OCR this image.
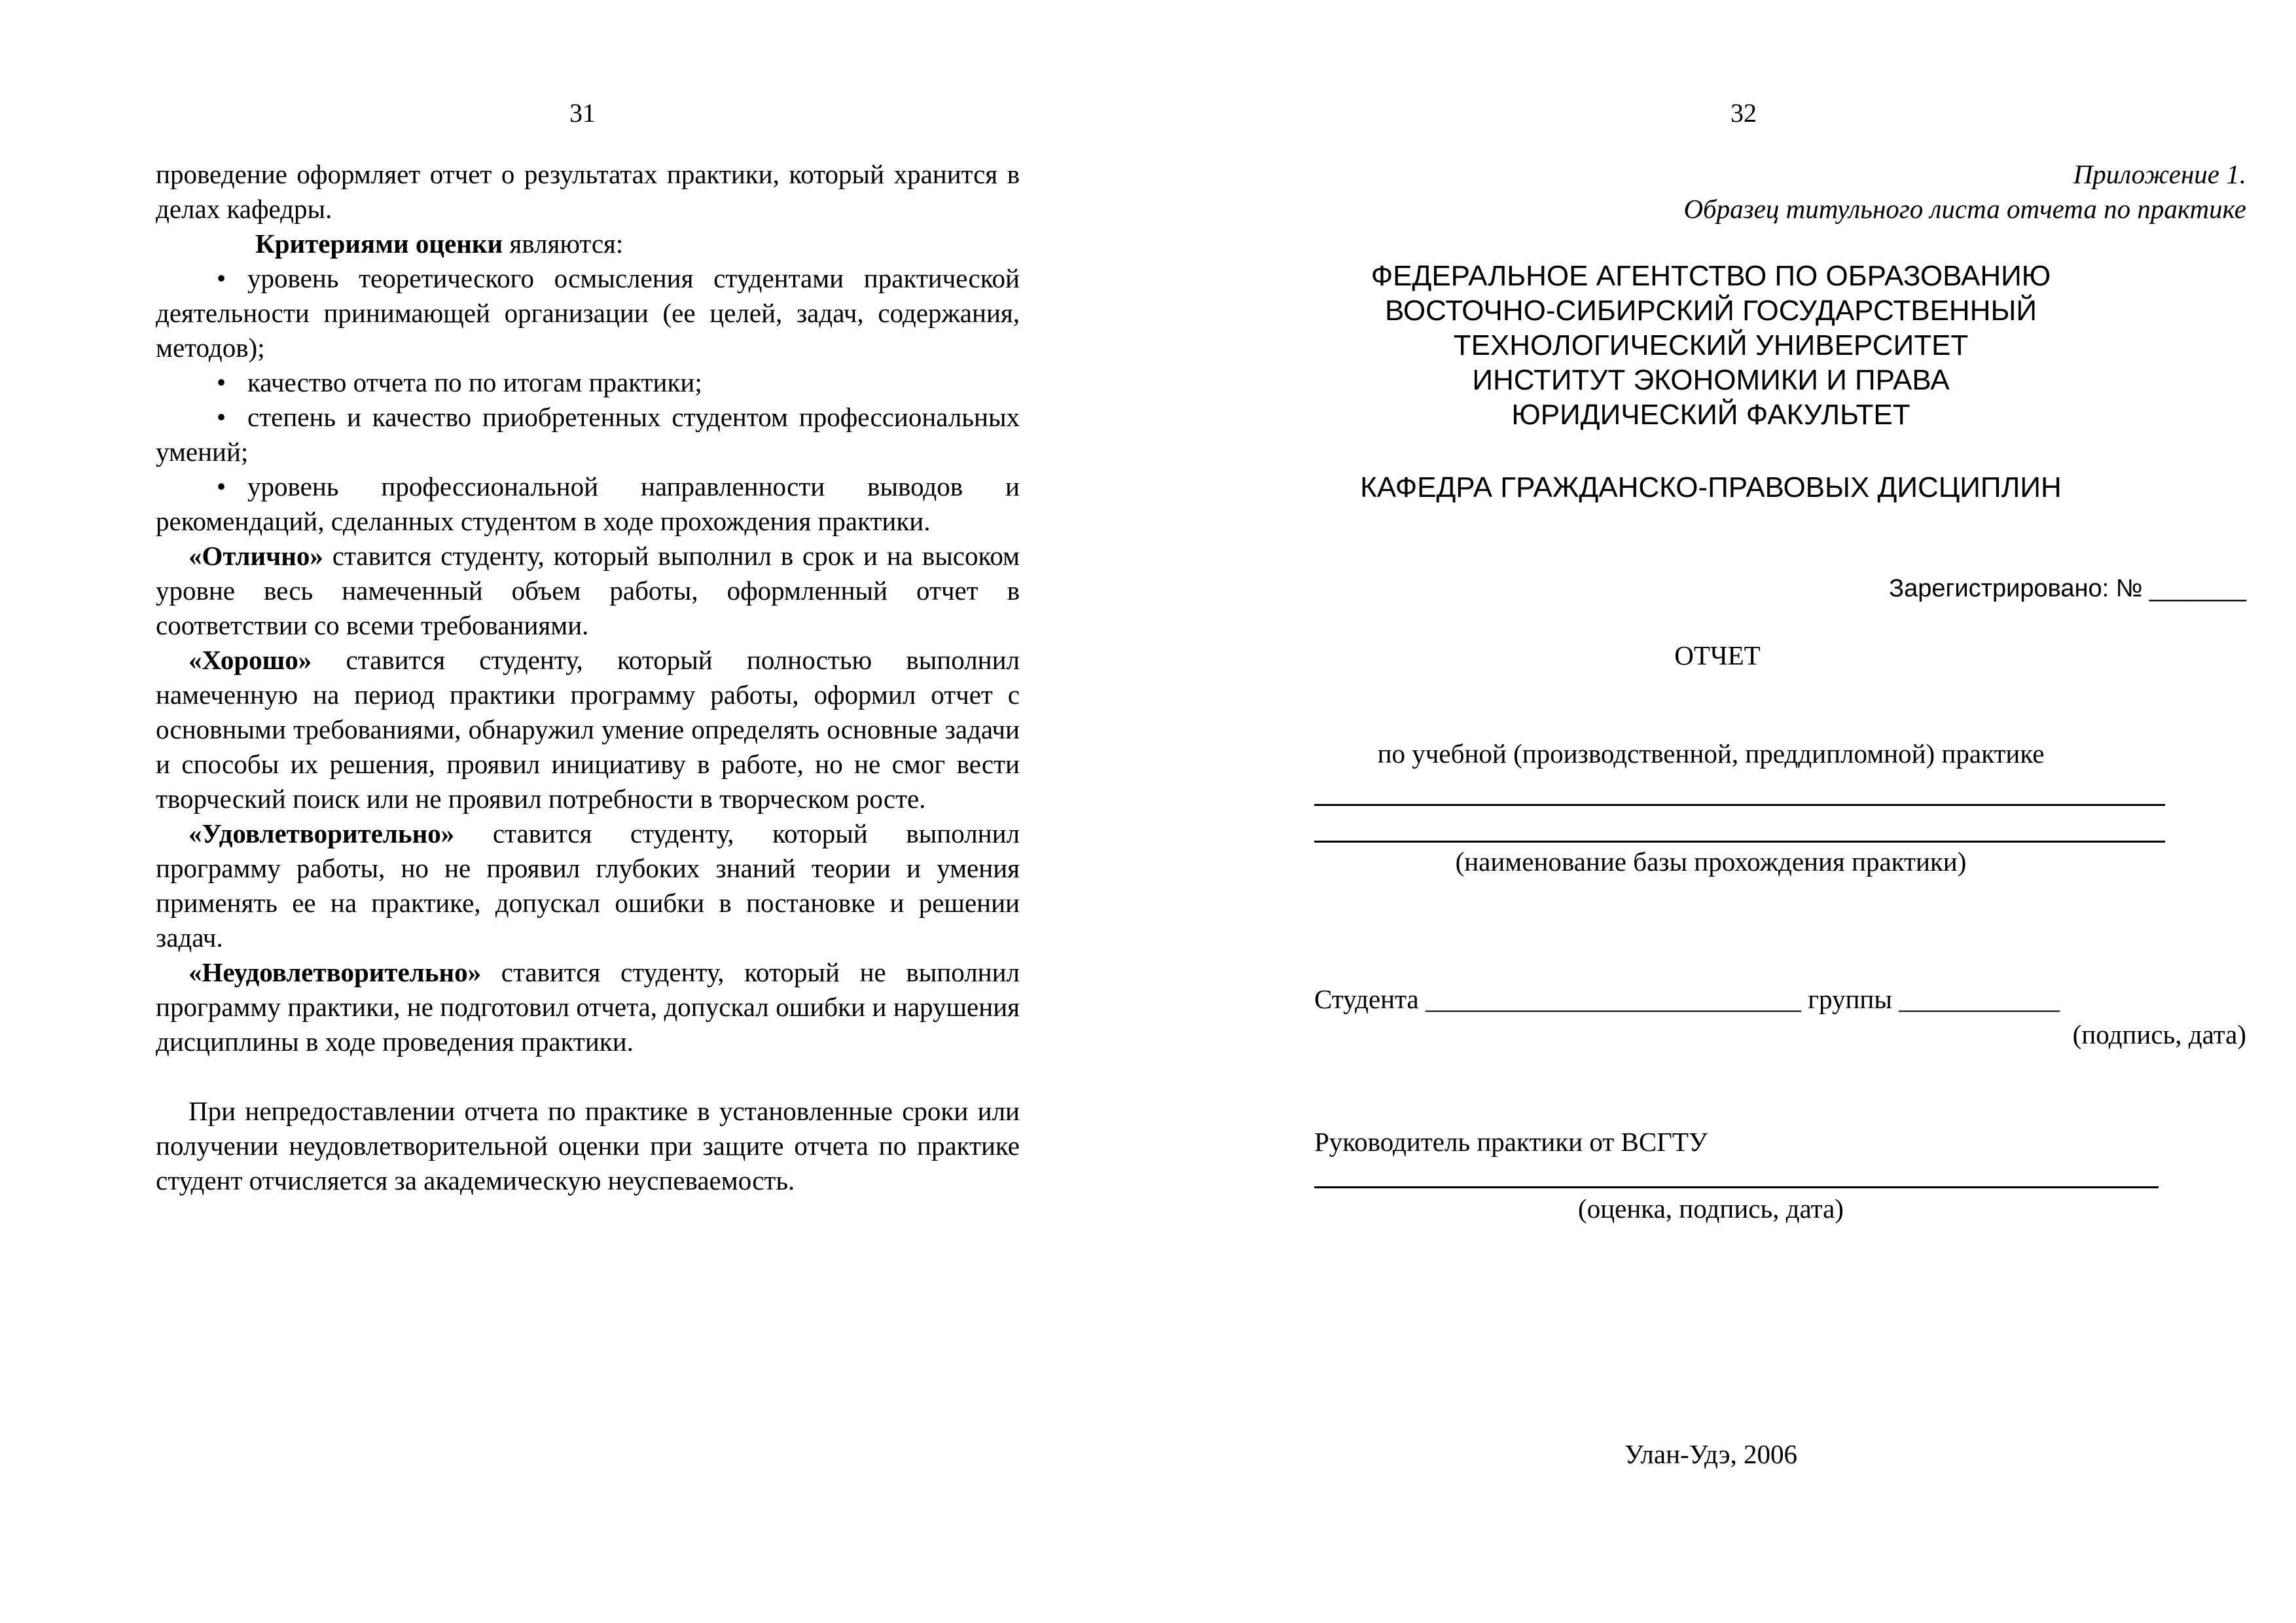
31

проведение оформляет отчет о результатах практики, который хранится в делах кафедры.

Критериями оценки являются:

• уровень теоретического осмысления студентами практической деятельности принимающей организации (ее целей, задач, содержания, методов);

• качество отчета по по итогам практики;

• степень и качество приобретенных студентом профессиональных умений;

• уровень профессиональной направленности выводов и рекомендаций, сделанных студентом в ходе прохождения практики.

«Отлично» ставится студенту, который выполнил в срок и на высоком уровне весь намеченный объем работы, оформленный отчет в соответствии со всеми требованиями.

«Хорошо» ставится студенту, который полностью выполнил намеченную на период практики программу работы, оформил отчет с основными требованиями, обнаружил умение определять основные задачи и способы их решения, проявил инициативу в работе, но не смог вести творческий поиск или не проявил потребности в творческом росте.

«Удовлетворительно» ставится студенту, который выполнил программу работы, но не проявил глубоких знаний теории и умения применять ее на практике, допускал ошибки в постановке и решении задач.

«Неудовлетворительно» ставится студенту, который не выполнил программу практики, не подготовил отчета, допускал ошибки и нарушения дисциплины в ходе проведения практики.

При непредоставлении отчета по практике в установленные сроки или получении неудовлетворительной оценки при защите отчета по практике студент отчисляется за академическую неуспеваемость.

32
Приложение 1.
Образец титульного листа отчета по практике
ФЕДЕРАЛЬНОЕ АГЕНТСТВО ПО ОБРАЗОВАНИЮ
ВОСТОЧНО-СИБИРСКИЙ ГОСУДАРСТВЕННЫЙ
ТЕХНОЛОГИЧЕСКИЙ УНИВЕРСИТЕТ
ИНСТИТУТ ЭКОНОМИКИ И ПРАВА
ЮРИДИЧЕСКИЙ ФАКУЛЬТЕТ
КАФЕДРА ГРАЖДАНСКО-ПРАВОВЫХ ДИСЦИПЛИН
Зарегистрировано: № _______
ОТЧЕТ
по учебной (производственной, преддипломной) практике
(наименование базы прохождения практики)
Студента ____________________________ группы ____________
(подпись, дата)
Руководитель практики от ВСГТУ
(оценка, подпись, дата)
Улан-Удэ, 2006
